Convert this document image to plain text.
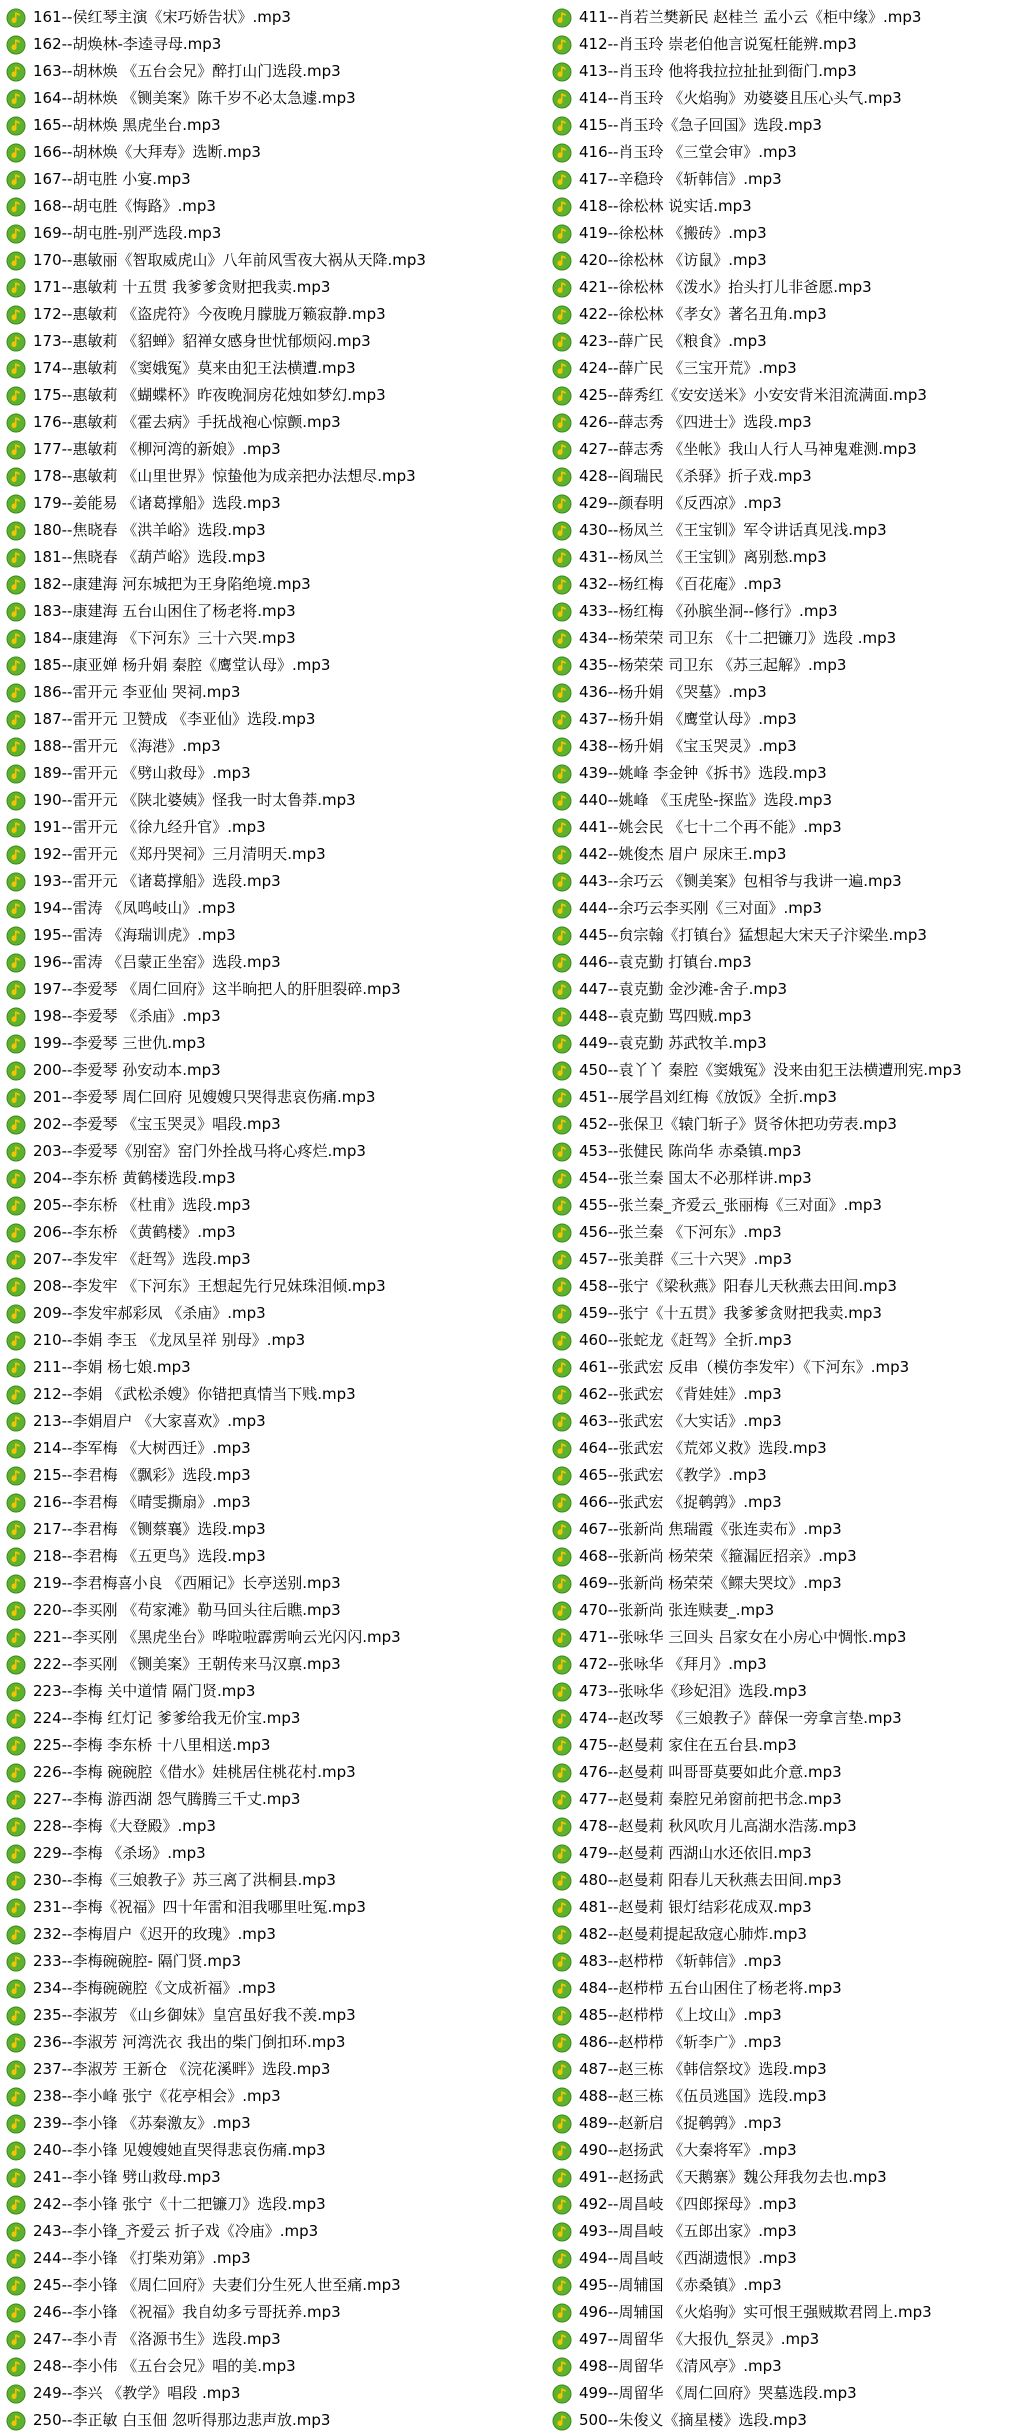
161--侯红琴主演《宋巧娇告状》.mp3
162--胡焕林-李逵寻母.mp3
163--胡林焕 《五台会兄》醉打山门选段.mp3
164--胡林焕 《铡美案》陈千岁不必太急遽.mp3
165--胡林焕 黑虎坐台.mp3
166--胡林焕《大拜寿》选断.mp3
167--胡屯胜 小宴.mp3
168--胡屯胜《悔路》.mp3
169--胡屯胜-别严选段.mp3
170--惠敏丽《智取威虎山》八年前风雪夜大祸从天降.mp3
171--惠敏莉 十五贯 我爹爹贪财把我卖.mp3
172--惠敏莉 《盗虎符》今夜晚月朦胧万籁寂静.mp3
173--惠敏莉 《貂蝉》貂禅女感身世忧郁烦闷.mp3
174--惠敏莉 《窦娥冤》莫来由犯王法横遭.mp3
175--惠敏莉 《蝴蝶杯》昨夜晚洞房花烛如梦幻.mp3
176--惠敏莉 《霍去病》手抚战袍心惊颤.mp3
177--惠敏莉 《柳河湾的新娘》.mp3
178--惠敏莉 《山里世界》惊蛰他为成亲把办法想尽.mp3
179--姜能易 《诸葛撑船》选段.mp3
180--焦晓春 《洪羊峪》选段.mp3
181--焦晓春 《葫芦峪》选段.mp3
182--康建海 河东城把为王身陷绝境.mp3
183--康建海 五台山困住了杨老将.mp3
184--康建海 《下河东》三十六哭.mp3
185--康亚婵 杨升娟 秦腔《鹰堂认母》.mp3
186--雷开元 李亚仙 哭祠.mp3
187--雷开元 卫赞成 《李亚仙》选段.mp3
188--雷开元 《海港》.mp3
189--雷开元 《劈山救母》.mp3
190--雷开元 《陕北婆姨》怪我一时太鲁莽.mp3
191--雷开元 《徐九经升官》.mp3
192--雷开元 《郑丹哭祠》三月清明天.mp3
193--雷开元 《诸葛撑船》选段.mp3
194--雷涛 《凤鸣岐山》.mp3
195--雷涛 《海瑞训虎》.mp3
196--雷涛 《吕蒙正坐窑》选段.mp3
197--李爱琴 《周仁回府》这半晌把人的肝胆裂碎.mp3
198--李爱琴 《杀庙》.mp3
199--李爱琴 三世仇.mp3
200--李爱琴 孙安动本.mp3
201--李爱琴 周仁回府 见嫂嫂只哭得悲哀伤痛.mp3
202--李爱琴 《宝玉哭灵》唱段.mp3
203--李爱琴《别窑》窑门外拴战马将心疼烂.mp3
204--李东桥 黄鹤楼选段.mp3
205--李东桥 《杜甫》选段.mp3
206--李东桥 《黄鹤楼》.mp3
207--李发牢 《赶驾》选段.mp3
208--李发牢 《下河东》王想起先行兄妹珠泪倾.mp3
209--李发牢郝彩凤 《杀庙》.mp3
210--李娟 李玉 《龙凤呈祥 别母》.mp3
211--李娟 杨七娘.mp3
212--李娟 《武松杀嫂》你错把真情当下贱.mp3
213--李娟眉户 《大家喜欢》.mp3
214--李军梅 《大树西迁》.mp3
215--李君梅 《飘彩》选段.mp3
216--李君梅 《晴雯撕扇》.mp3
217--李君梅 《铡蔡襄》选段.mp3
218--李君梅 《五更鸟》选段.mp3
219--李君梅喜小良 《西厢记》长亭送别.mp3
220--李买刚 《苟家滩》勒马回头往后瞧.mp3
221--李买刚 《黑虎坐台》哗啦啦霹雳响云光闪闪.mp3
222--李买刚 《铡美案》王朝传来马汉禀.mp3
223--李梅 关中道情 隔门贤.mp3
224--李梅 红灯记 爹爹给我无价宝.mp3
225--李梅 李东桥 十八里相送.mp3
226--李梅 碗碗腔《借水》娃桃居住桃花村.mp3
227--李梅 游西湖 怨气腾腾三千丈.mp3
228--李梅《大登殿》.mp3
229--李梅 《杀场》.mp3
230--李梅《三娘教子》苏三离了洪桐县.mp3
231--李梅《祝福》四十年雷和泪我哪里吐冤.mp3
232--李梅眉户《迟开的玫瑰》.mp3
233--李梅碗碗腔- 隔门贤.mp3
234--李梅碗碗腔《文成祈福》.mp3
235--李淑芳 《山乡御妹》皇宫虽好我不羡.mp3
236--李淑芳 河湾洗衣 我出的柴门倒扣环.mp3
237--李淑芳 王新仓 《浣花溪畔》选段.mp3
238--李小峰 张宁《花亭相会》.mp3
239--李小锋 《苏秦激友》.mp3
240--李小锋 见嫂嫂她直哭得悲哀伤痛.mp3
241--李小锋 劈山救母.mp3
242--李小锋 张宁《十二把镰刀》选段.mp3
243--李小锋_齐爱云 折子戏《冷庙》.mp3
244--李小锋 《打柴劝第》.mp3
245--李小锋 《周仁回府》夫妻们分生死人世至痛.mp3
246--李小锋 《祝福》我自幼多亏哥抚养.mp3
247--李小青 《洛源书生》选段.mp3
248--李小伟 《五台会兄》唱的美.mp3
249--李兴 《教学》唱段 .mp3
250--李正敏 白玉佃 忽听得那边悲声放.mp3
411--肖若兰樊新民 赵桂兰 孟小云《柜中缘》.mp3
412--肖玉玲 崇老伯他言说冤枉能辨.mp3
413--肖玉玲 他将我拉拉扯扯到衙门.mp3
414--肖玉玲 《火焰驹》劝婆婆且压心头气.mp3
415--肖玉玲《急子回国》选段.mp3
416--肖玉玲 《三堂会审》.mp3
417--辛稳玲 《斩韩信》.mp3
418--徐松林 说实话.mp3
419--徐松林 《搬砖》.mp3
420--徐松林 《访鼠》.mp3
421--徐松林 《泼水》抬头打儿非爸愿.mp3
422--徐松林 《孝女》著名丑角.mp3
423--薛广民 《粮食》.mp3
424--薛广民 《三宝开荒》.mp3
425--薛秀红《安安送米》小安安背米泪流满面.mp3
426--薛志秀 《四进士》选段.mp3
427--薛志秀 《坐帐》我山人行人马神鬼难测.mp3
428--阎瑞民 《杀驿》折子戏.mp3
429--颜春明 《反西凉》.mp3
430--杨凤兰 《王宝钏》军令讲话真见浅.mp3
431--杨凤兰 《王宝钏》离别愁.mp3
432--杨红梅 《百花庵》.mp3
433--杨红梅 《孙膑坐洞--修行》.mp3
434--杨荣荣 司卫东 《十二把镰刀》选段 .mp3
435--杨荣荣 司卫东 《苏三起解》.mp3
436--杨升娟 《哭墓》.mp3
437--杨升娟 《鹰堂认母》.mp3
438--杨升娟 《宝玉哭灵》.mp3
439--姚峰 李金钟《拆书》选段.mp3
440--姚峰 《玉虎坠-探监》选段.mp3
441--姚会民 《七十二个再不能》.mp3
442--姚俊杰 眉户 尿床王.mp3
443--余巧云 《铡美案》包相爷与我讲一遍.mp3
444--余巧云李买刚《三对面》.mp3
445--贠宗翰《打镇台》猛想起大宋天子汴梁坐.mp3
446--袁克勤 打镇台.mp3
447--袁克勤 金沙滩-舍子.mp3
448--袁克勤 骂四贼.mp3
449--袁克勤 苏武牧羊.mp3
450--袁丫丫 秦腔《窦娥冤》没来由犯王法横遭刑宪.mp3
451--展学昌刘红梅《放饭》全折.mp3
452--张保卫《辕门斩子》贤爷休把功劳表.mp3
453--张健民 陈尚华 赤桑镇.mp3
454--张兰秦 国太不必那样讲.mp3
455--张兰秦_齐爱云_张丽梅《三对面》.mp3
456--张兰秦 《下河东》.mp3
457--张美群《三十六哭》.mp3
458--张宁《梁秋燕》阳春儿天秋燕去田间.mp3
459--张宁《十五贯》我爹爹贪财把我卖.mp3
460--张蛇龙《赶驾》全折.mp3
461--张武宏 反串（模仿李发牢）《下河东》.mp3
462--张武宏 《背娃娃》.mp3
463--张武宏 《大实话》.mp3
464--张武宏 《荒郊义救》选段.mp3
465--张武宏 《教学》.mp3
466--张武宏 《捉鹌鹑》.mp3
467--张新尚 焦瑞霞《张连卖布》.mp3
468--张新尚 杨荣荣《箍漏匠招亲》.mp3
469--张新尚 杨荣荣《鳏夫哭坟》.mp3
470--张新尚 张连赎妻_.mp3
471--张咏华 三回头 吕家女在小房心中惆怅.mp3
472--张咏华 《拜月》.mp3
473--张咏华《珍妃泪》选段.mp3
474--赵改琴 《三娘教子》薛保一旁拿言垫.mp3
475--赵曼莉 家住在五台县.mp3
476--赵曼莉 叫哥哥莫要如此介意.mp3
477--赵曼莉 秦腔兄弟窗前把书念.mp3
478--赵曼莉 秋风吹月儿高湖水浩荡.mp3
479--赵曼莉 西湖山水还依旧.mp3
480--赵曼莉 阳春儿天秋燕去田间.mp3
481--赵曼莉 银灯结彩花成双.mp3
482--赵曼莉提起敌寇心肺炸.mp3
483--赵栉栉 《斩韩信》.mp3
484--赵栉栉 五台山困住了杨老将.mp3
485--赵栉栉 《上坟山》.mp3
486--赵栉栉 《斩李广》.mp3
487--赵三栋 《韩信祭坟》选段.mp3
488--赵三栋 《伍员逃国》选段.mp3
489--赵新启 《捉鹌鹑》.mp3
490--赵扬武 《大秦将军》.mp3
491--赵扬武 《天鹅寨》魏公拜我勿去也.mp3
492--周昌岐 《四郎探母》.mp3
493--周昌岐 《五郎出家》.mp3
494--周昌岐 《西湖遗恨》.mp3
495--周辅国 《赤桑镇》.mp3
496--周辅国 《火焰驹》实可恨王强贼欺君罔上.mp3
497--周留华 《大报仇_祭灵》.mp3
498--周留华 《清风亭》.mp3
499--周留华 《周仁回府》哭墓选段.mp3
500--朱俊义《摘星楼》选段.mp3
